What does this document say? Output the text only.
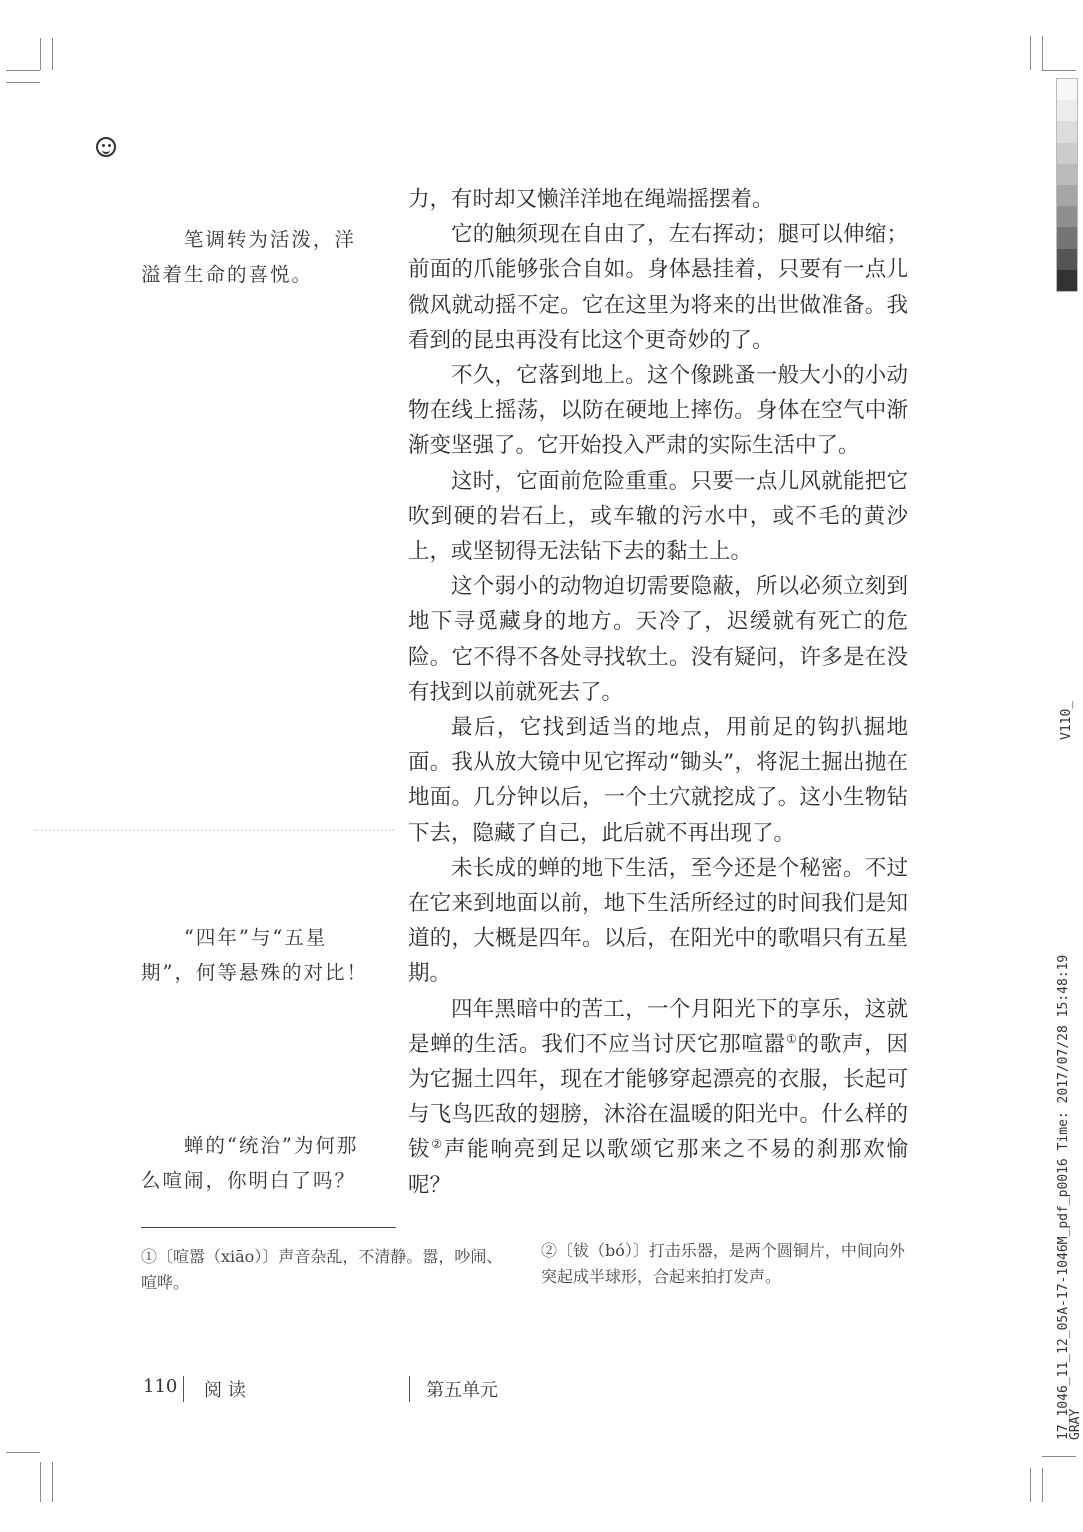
笔调转为活泼，洋溢着生命的喜悦。

“四年”与“五星期”，何等悬殊的对比！

蝉的“统治”为何那么喧闹，你明白了吗？

力，有时却又懒洋洋地在绳端摇摆着。

它的触须现在自由了，左右挥动；腿可以伸缩；前面的爪能够张合自如。身体悬挂着，只要有一点儿微风就动摇不定。它在这里为将来的出世做准备。我看到的昆虫再没有比这个更奇妙的了。

不久，它落到地上。这个像跳蚤一般大小的小动物在线上摇荡，以防在硬地上摔伤。身体在空气中渐渐变坚强了。它开始投入严肃的实际生活中了。

这时，它面前危险重重。只要一点儿风就能把它吹到硬的岩石上，或车辙的污水中，或不毛的黄沙上，或坚韧得无法钻下去的黏土上。

这个弱小的动物迫切需要隐蔽，所以必须立刻到地下寻觅藏身的地方。天冷了，迟缓就有死亡的危险。它不得不各处寻找软土。没有疑问，许多是在没有找到以前就死去了。

最后，它找到适当的地点，用前足的钩扒掘地面。我从放大镜中见它挥动“锄头”，将泥土掘出抛在地面。几分钟以后，一个土穴就挖成了。这小生物钻下去，隐藏了自己，此后就不再出现了。

未长成的蝉的地下生活，至今还是个秘密。不过在它来到地面以前，地下生活所经过的时间我们是知道的，大概是四年。以后，在阳光中的歌唱只有五星期。

四年黑暗中的苦工，一个月阳光下的享乐，这就是蝉的生活。我们不应当讨厌它那喧嚣①的歌声，因为它掘土四年，现在才能够穿起漂亮的衣服，长起可与飞鸟匹敌的翅膀，沐浴在温暖的阳光中。什么样的钹②声能响亮到足以歌颂它那来之不易的刹那欢愉呢？

①〔喧嚣（xiāo）〕声音杂乱，不清静。嚣，吵闹、喧哗。
②〔钹（bó）〕打击乐器，是两个圆铜片，中间向外突起成半球形，合起来拍打发声。
110 阅 读	第五单元	17_1046_11_12_05A-17-1046M_pdf_p0016 Time: 2017/07/28 15:48:19
GRAY
V110_
